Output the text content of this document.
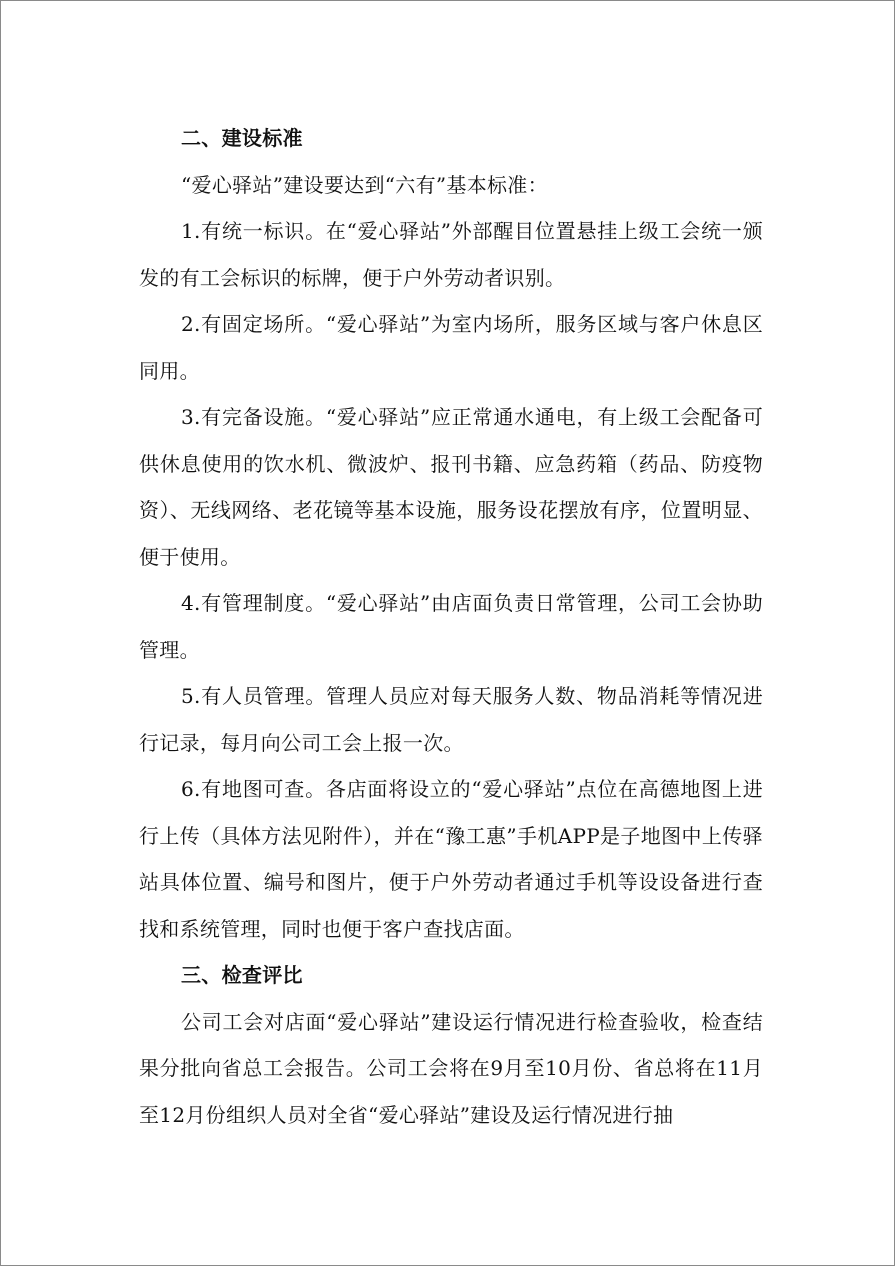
二、建设标准

“爱心驿站”建设要达到“六有”基本标准：

1.有统一标识。在“爱心驿站”外部醒目位置悬挂上级工会统一颁发的有工会标识的标牌，便于户外劳动者识别。

2.有固定场所。“爱心驿站”为室内场所，服务区域与客户休息区同用。

3.有完备设施。“爱心驿站”应正常通水通电，有上级工会配备可供休息使用的饮水机、微波炉、报刊书籍、应急药箱（药品、防疫物资）、无线网络、老花镜等基本设施，服务设花摆放有序，位置明显、便于使用。

4.有管理制度。“爱心驿站”由店面负责日常管理，公司工会协助管理。

5.有人员管理。管理人员应对每天服务人数、物品消耗等情况进行记录，每月向公司工会上报一次。

6.有地图可查。各店面将设立的“爱心驿站”点位在高德地图上进行上传（具体方法见附件），并在“豫工惠”手机APP是子地图中上传驿站具体位置、编号和图片，便于户外劳动者通过手机等设设备进行查找和系统管理，同时也便于客户查找店面。

三、检查评比

公司工会对店面“爱心驿站”建设运行情况进行检查验收，检查结果分批向省总工会报告。公司工会将在9月至10月份、省总将在11月至12月份组织人员对全省“爱心驿站”建设及运行情况进行抽
